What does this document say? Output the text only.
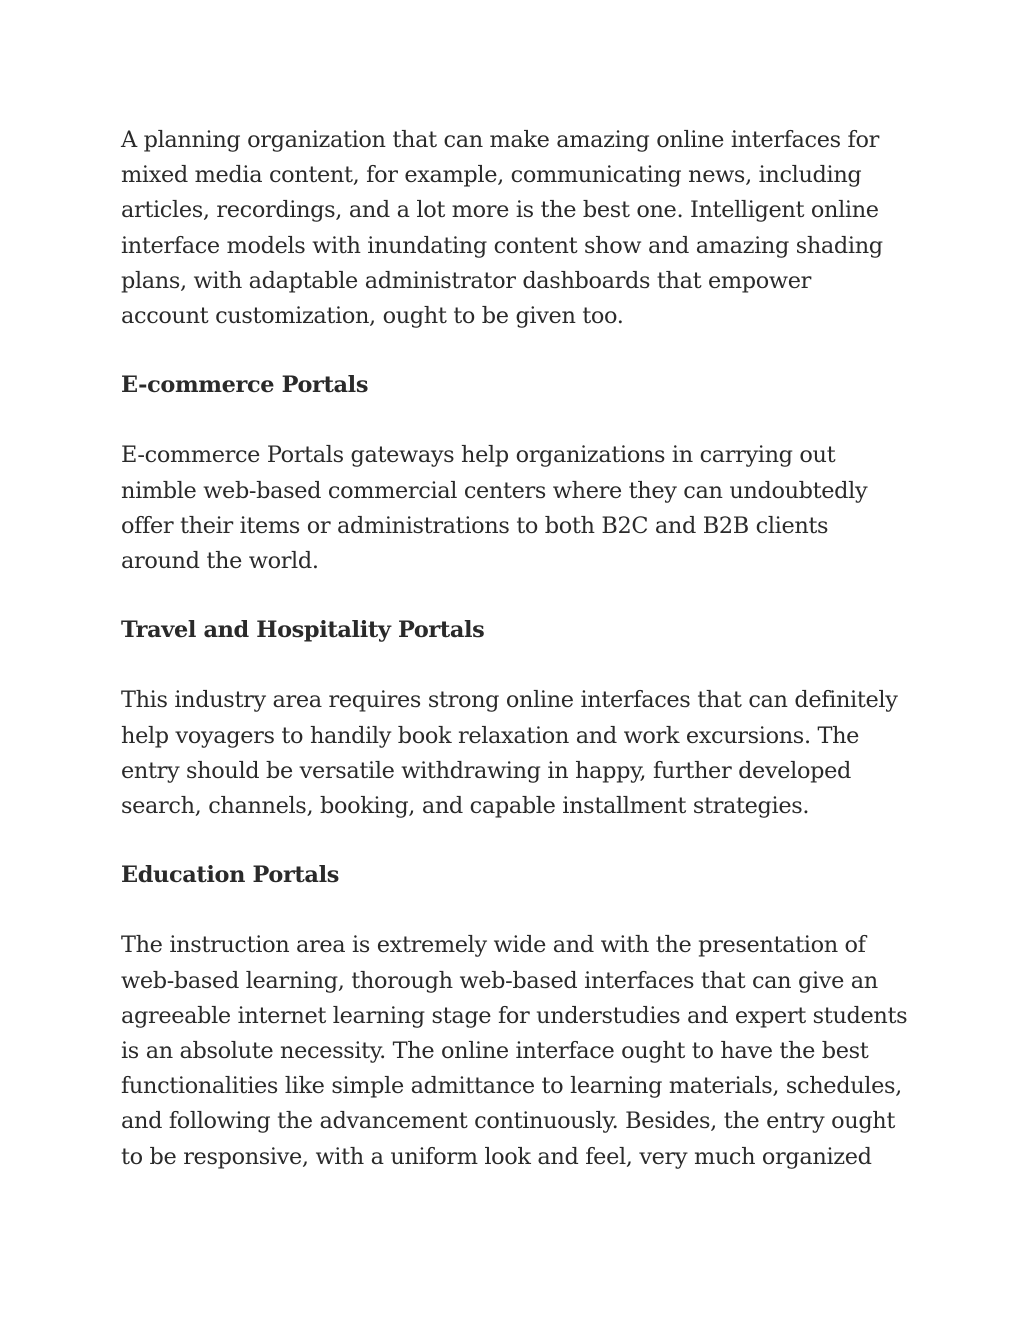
A planning organization that can make amazing online interfaces for
mixed media content, for example, communicating news, including
articles, recordings, and a lot more is the best one. Intelligent online
interface models with inundating content show and amazing shading
plans, with adaptable administrator dashboards that empower
account customization, ought to be given too.

E-commerce Portals

E-commerce Portals gateways help organizations in carrying out
nimble web-based commercial centers where they can undoubtedly
offer their items or administrations to both B2C and B2B clients
around the world.

Travel and Hospitality Portals

This industry area requires strong online interfaces that can definitely
help voyagers to handily book relaxation and work excursions. The
entry should be versatile withdrawing in happy, further developed
search, channels, booking, and capable installment strategies.

Education Portals

The instruction area is extremely wide and with the presentation of
web-based learning, thorough web-based interfaces that can give an
agreeable internet learning stage for understudies and expert students
is an absolute necessity. The online interface ought to have the best
functionalities like simple admittance to learning materials, schedules,
and following the advancement continuously. Besides, the entry ought
to be responsive, with a uniform look and feel, very much organized
